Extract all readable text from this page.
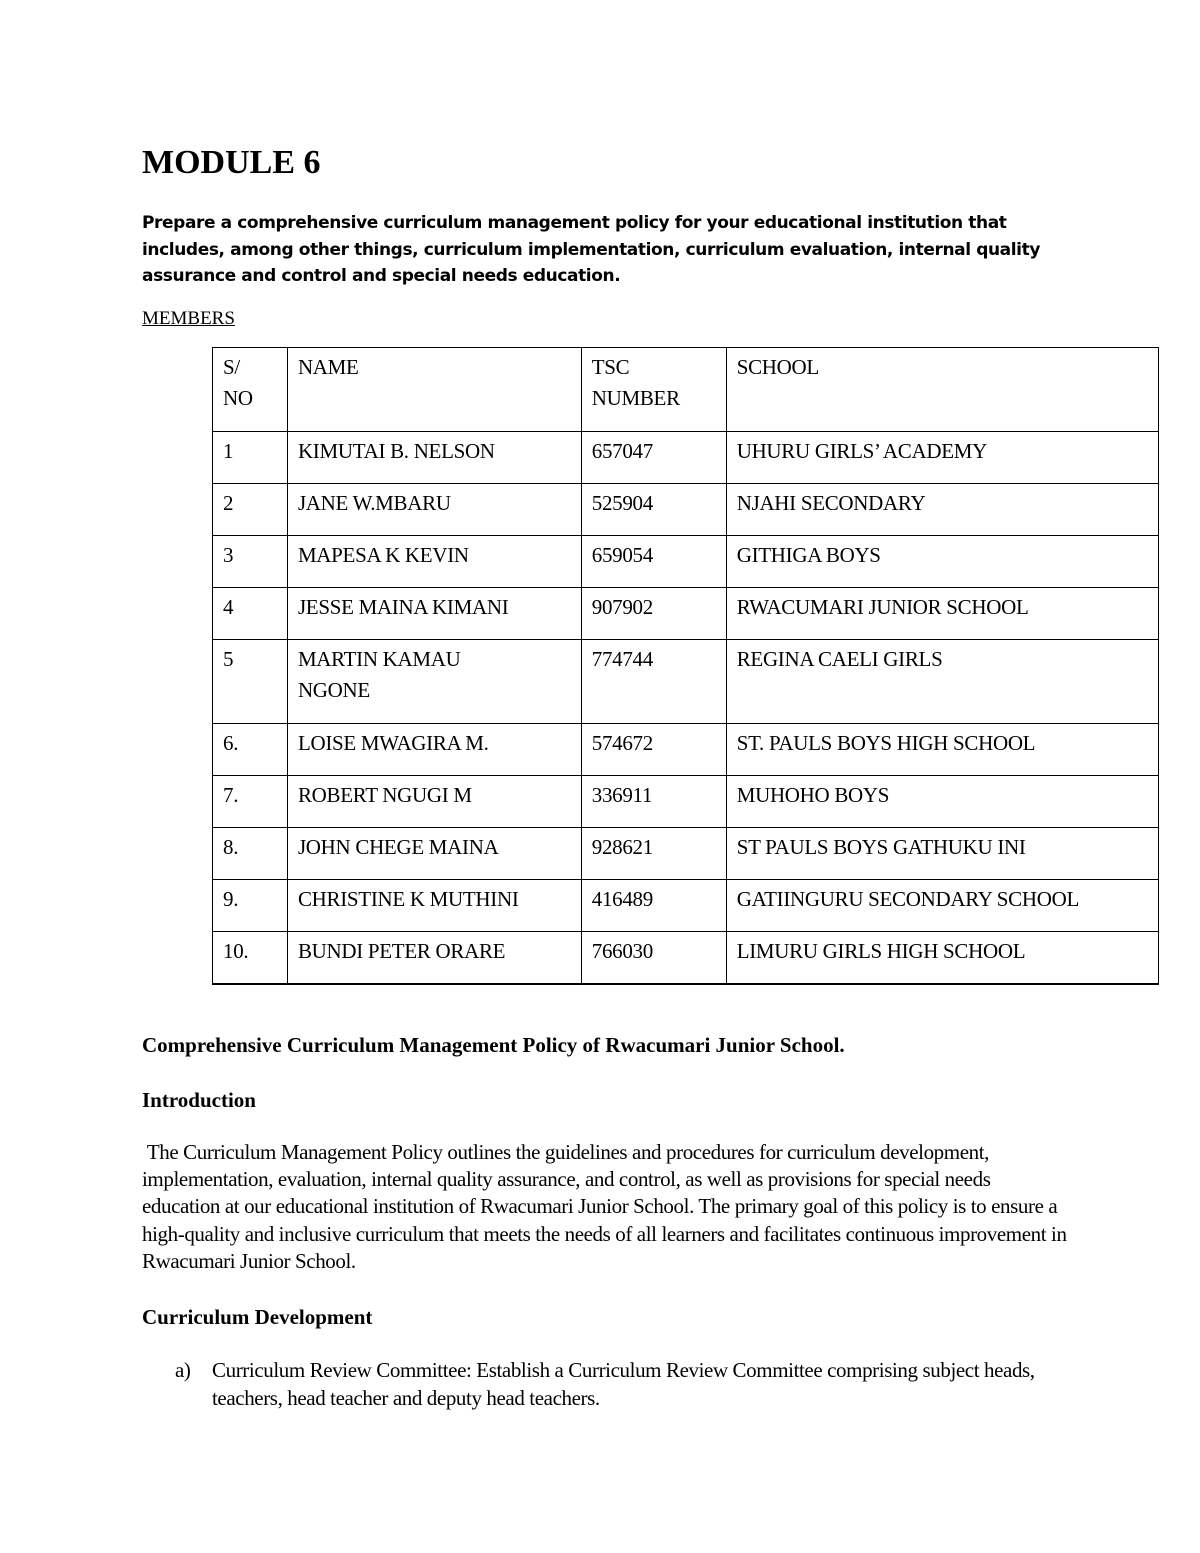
MODULE 6

Prepare a comprehensive curriculum management policy for your educational institution that includes, among other things, curriculum implementation, curriculum evaluation, internal quality assurance and control and special needs education.

MEMBERS

S/ NO	NAME	TSC NUMBER	SCHOOL
1	KIMUTAI B. NELSON	657047	UHURU GIRLS’ ACADEMY
2	JANE W.MBARU	525904	NJAHI SECONDARY
3	MAPESA K KEVIN	659054	GITHIGA BOYS
4	JESSE MAINA KIMANI	907902	RWACUMARI JUNIOR SCHOOL
5	MARTIN KAMAU NGONE	774744	REGINA CAELI GIRLS
6.	LOISE MWAGIRA M.	574672	ST. PAULS BOYS HIGH SCHOOL
7.	ROBERT NGUGI M	336911	MUHOHO BOYS
8.	JOHN CHEGE MAINA	928621	ST PAULS BOYS GATHUKU INI
9.	CHRISTINE K MUTHINI	416489	GATIINGURU SECONDARY SCHOOL
10.	BUNDI PETER ORARE	766030	LIMURU GIRLS HIGH SCHOOL
Comprehensive Curriculum Management Policy of Rwacumari Junior School.
Introduction

The Curriculum Management Policy outlines the guidelines and procedures for curriculum development, implementation, evaluation, internal quality assurance, and control, as well as provisions for special needs education at our educational institution of Rwacumari Junior School. The primary goal of this policy is to ensure a high-quality and inclusive curriculum that meets the needs of all learners and facilitates continuous improvement in Rwacumari Junior School.

Curriculum Development
a) Curriculum Review Committee: Establish a Curriculum Review Committee comprising subject heads, teachers, head teacher and deputy head teachers.
